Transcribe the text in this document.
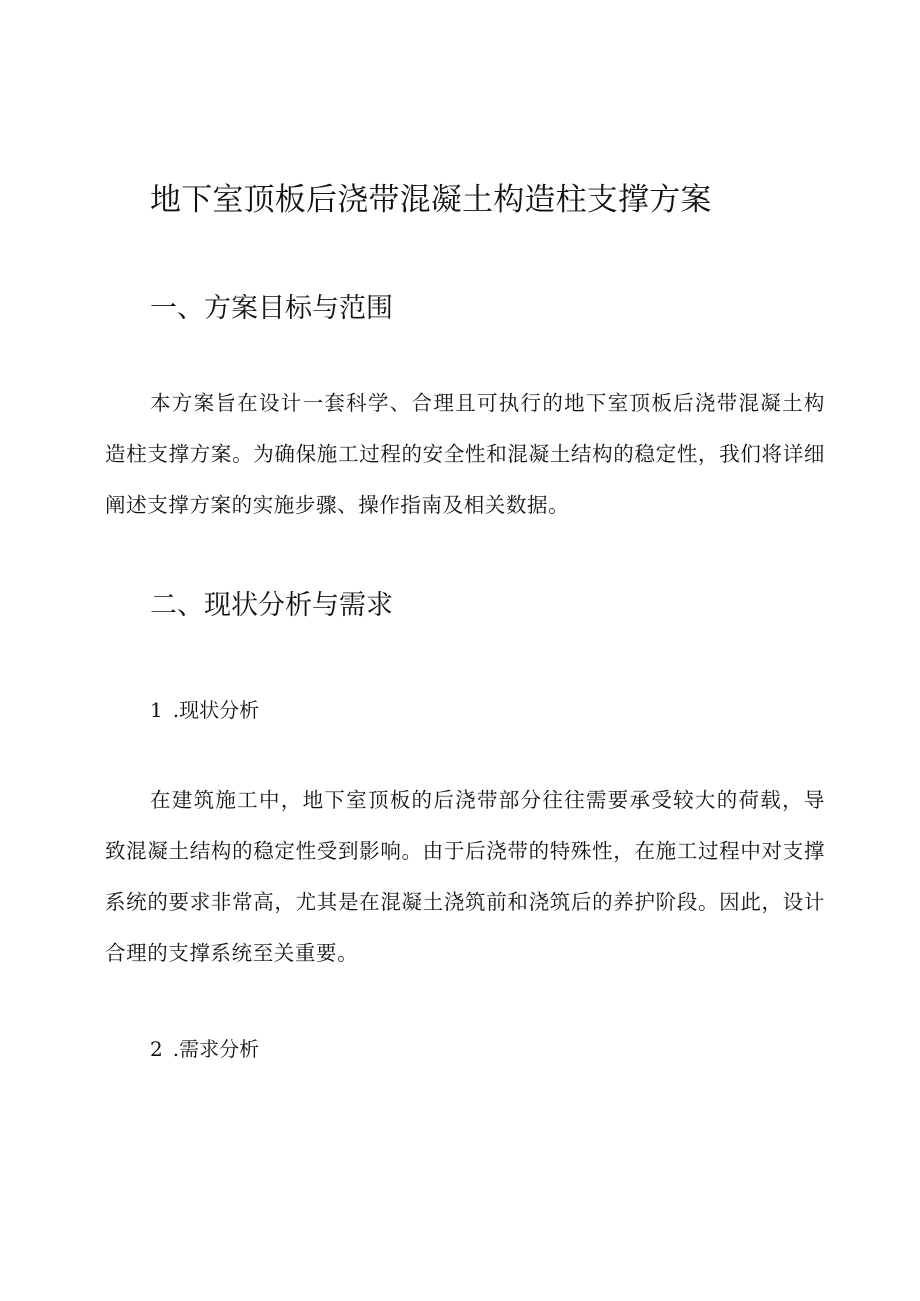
地下室顶板后浇带混凝土构造柱支撑方案
一、方案目标与范围

本方案旨在设计一套科学、合理且可执行的地下室顶板后浇带混凝土构造柱支撑方案。为确保施工过程的安全性和混凝土结构的稳定性，我们将详细阐述支撑方案的实施步骤、操作指南及相关数据。

二、现状分析与需求
1 .现状分析

在建筑施工中，地下室顶板的后浇带部分往往需要承受较大的荷载，导致混凝土结构的稳定性受到影响。由于后浇带的特殊性，在施工过程中对支撑系统的要求非常高，尤其是在混凝土浇筑前和浇筑后的养护阶段。因此，设计合理的支撑系统至关重要。

2 .需求分析
